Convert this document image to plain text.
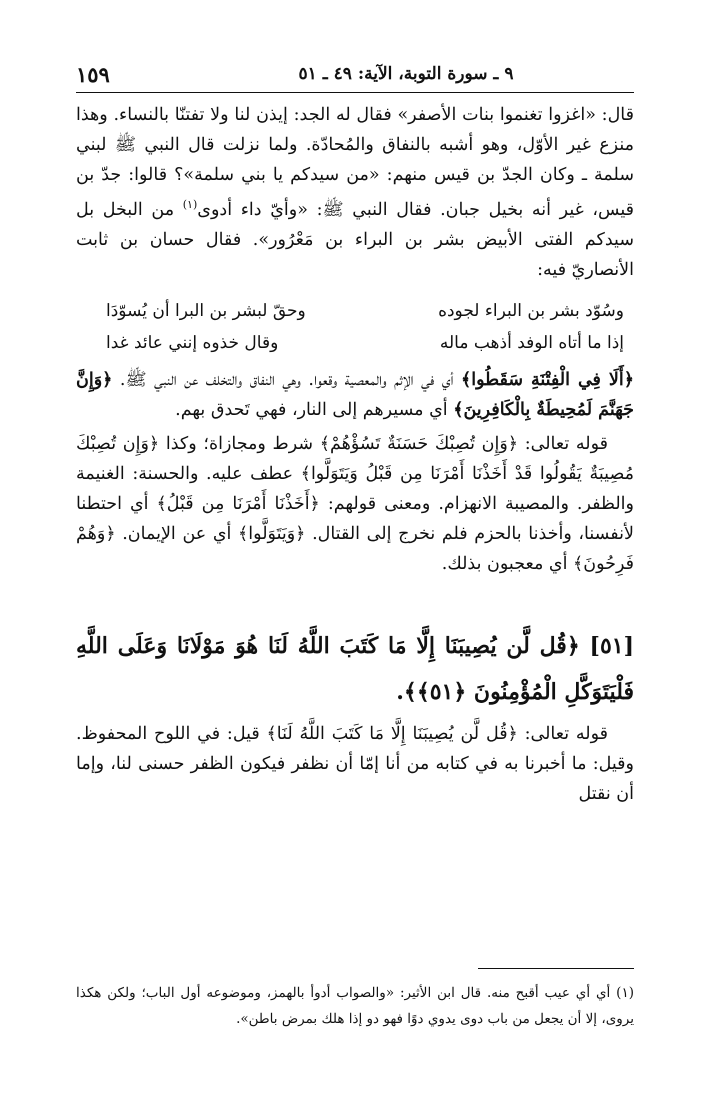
١٥٩	٩ ـ سورة التوبة، الآية: ٤٩ ـ ٥١

قال: «اغزوا تغنموا بنات الأصفر» فقال له الجد: إيذن لنا ولا تفتنّا بالنساء. وهذا منزع غير الأوّل، وهو أشبه بالنفاق والمُحادّة. ولما نزلت قال النبي ﷺ لبني سلمة ـ وكان الجدّ بن قيس منهم: «من سيدكم يا بني سلمة»؟ قالوا: جدّ بن قيس، غير أنه بخيل جبان. فقال النبي ﷺ: «وأيّ داء أدوى$^{(١)}$ من البخل بل سيدكم الفتى الأبيض بشر بن البراء بن مَعْرُور». فقال حسان بن ثابت الأنصاريّ فيه:

وسُوّد بشر بن البراء لجوده
وحقّ لبشر بن البرا أن يُسوّدَا
إذا ما أتاه الوفد أذهب ماله
وقال خذوه إنني عائد غدا

﴿أَلَا فِي الْفِتْنَةِ سَقَطُوا﴾ أي في الإثم والمعصية وقعوا. وهي النفاق والتخلف عن النبي ﷺ. ﴿وَإِنَّ جَهَنَّمَ لَمُحِيطَةٌ بِالْكَافِرِينَ﴾ أي مسيرهم إلى النار، فهي تَحدق بهم.

قوله تعالى: ﴿وَإِن تُصِبْكَ حَسَنَةٌ تَسُؤْهُمْ﴾ شرط ومجازاة؛ وكذا ﴿وَإِن تُصِبْكَ مُصِيبَةٌ يَقُولُوا قَدْ أَخَذْنَا أَمْرَنَا مِن قَبْلُ وَيَتَوَلَّوا﴾ عطف عليه. والحسنة: الغنيمة والظفر. والمصيبة الانهزام. ومعنى قولهم: ﴿أَخَذْنَا أَمْرَنَا مِن قَبْلُ﴾ أي احتطنا لأنفسنا، وأخذنا بالحزم فلم نخرج إلى القتال. ﴿وَيَتَوَلَّوا﴾ أي عن الإيمان. ﴿وَهُمْ فَرِحُونَ﴾ أي معجبون بذلك.

[٥١] ﴿قُل لَّن يُصِيبَنَا إِلَّا مَا كَتَبَ اللَّهُ لَنَا هُوَ مَوْلَانَا وَعَلَى اللَّهِ فَلْيَتَوَكَّلِ الْمُؤْمِنُونَ ﴿٥١﴾﴾.

قوله تعالى: ﴿قُل لَّن يُصِيبَنَا إِلَّا مَا كَتَبَ اللَّهُ لَنَا﴾ قيل: في اللوح المحفوظ. وقيل: ما أخبرنا به في كتابه من أنا إمّا أن نظفر فيكون الظفر حسنى لنا، وإما أن نقتل

(١) أي أي عيب أقبح منه. قال ابن الأثير: «والصواب أدوأ بالهمز، وموضوعه أول الباب؛ ولكن هكذا يروى، إلا أن يجعل من باب دوى يدوي دوًا فهو دو إذا هلك بمرض باطن».
